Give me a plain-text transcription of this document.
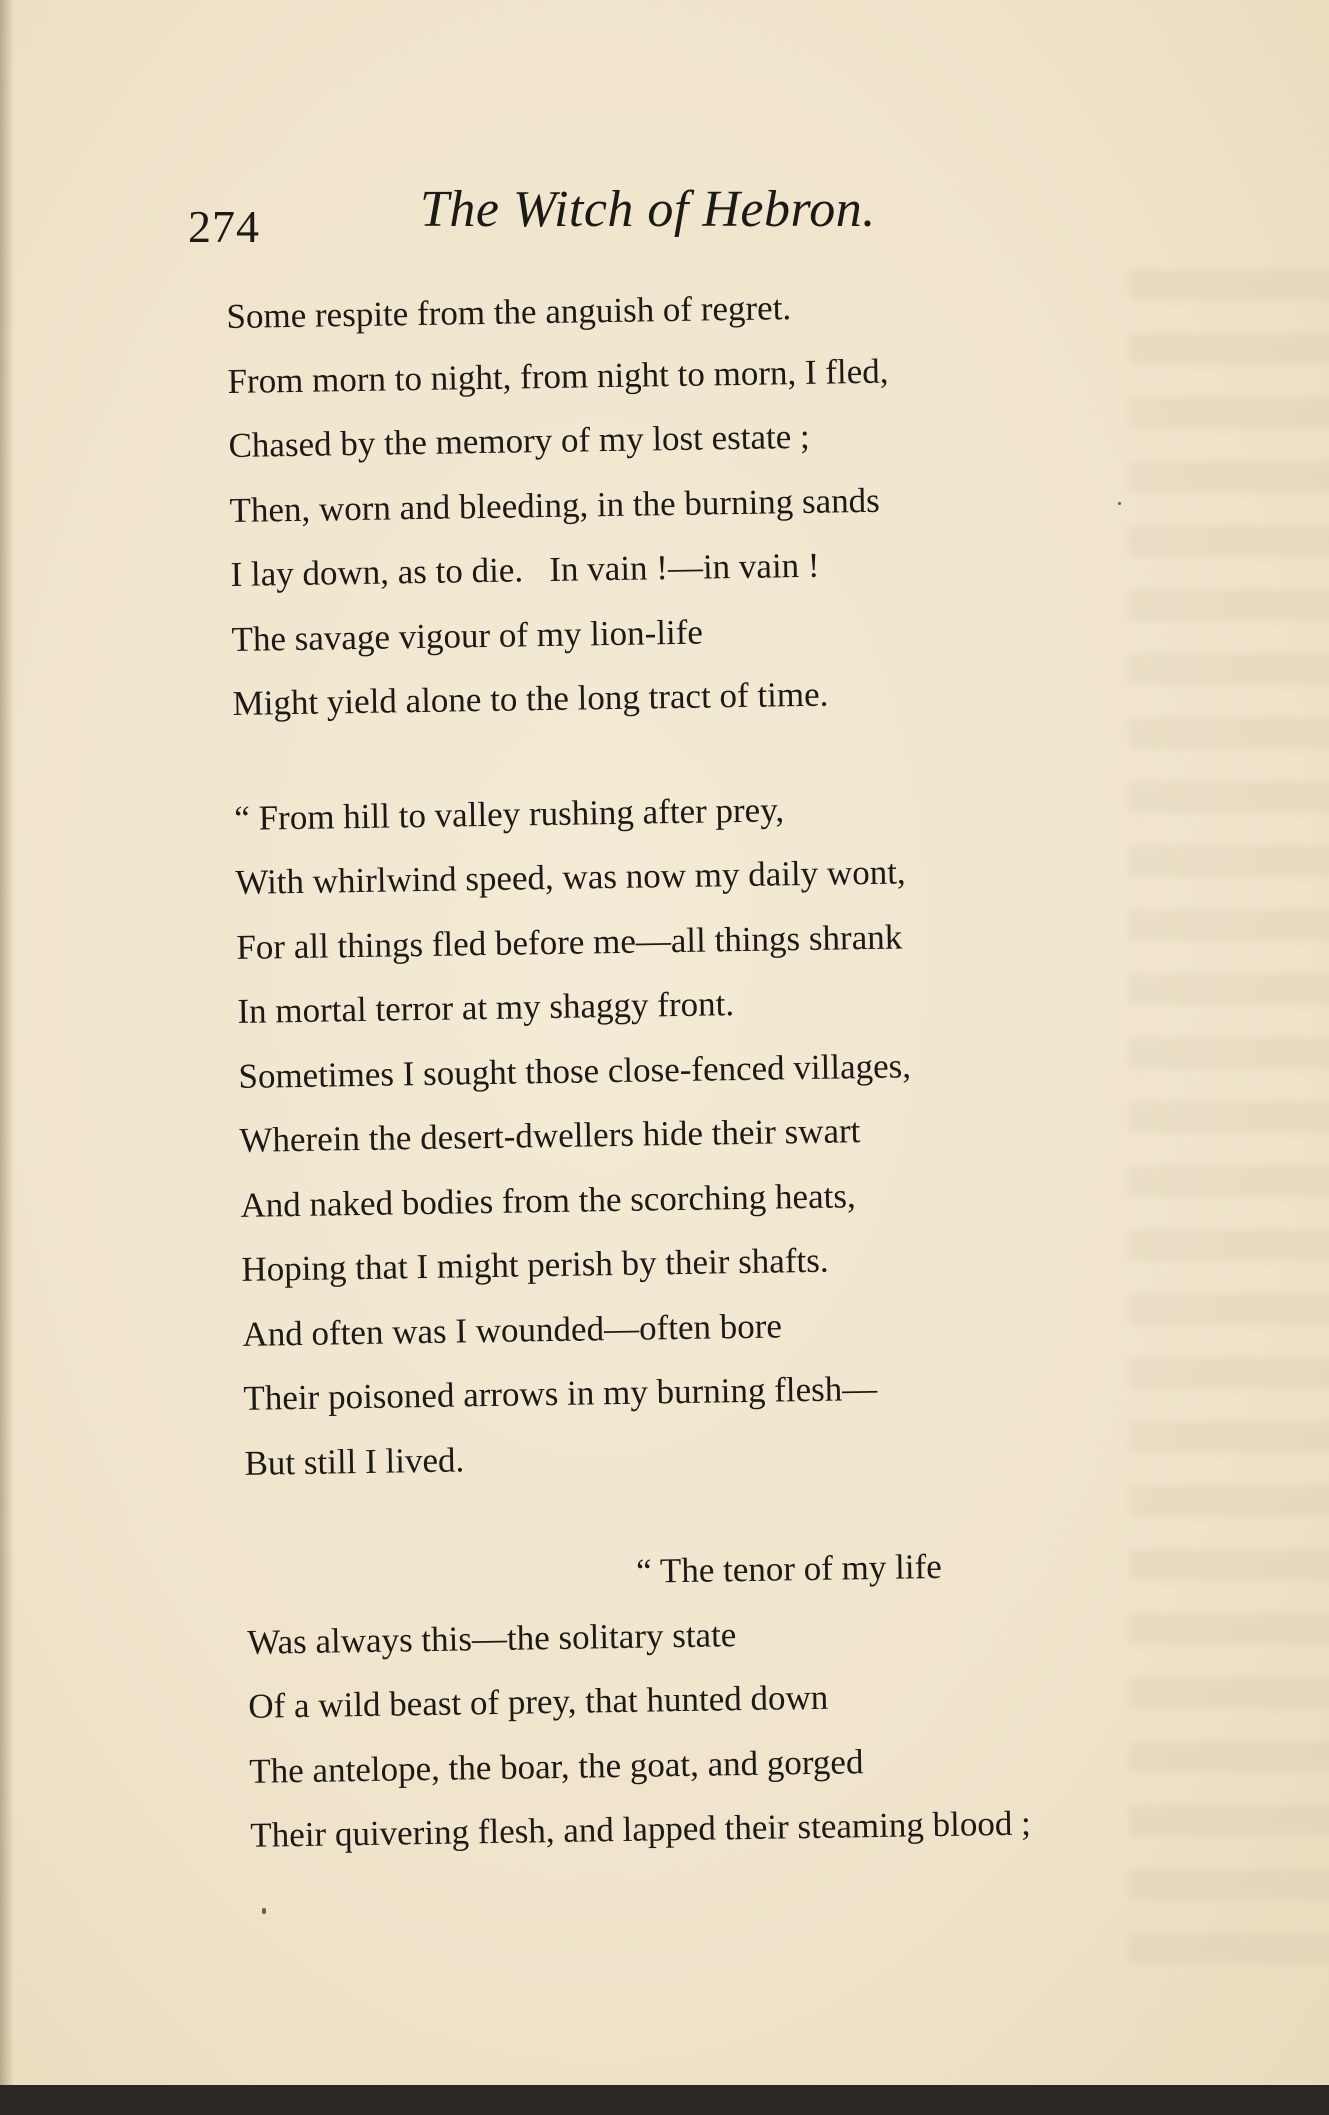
274	The Witch of Hebron.
Some respite from the anguish of regret.
From morn to night, from night to morn, I fled,
Chased by the memory of my lost estate ;
Then, worn and bleeding, in the burning sands
I lay down, as to die.   In vain !—in vain !
The savage vigour of my lion-life
Might yield alone to the long tract of time.
“ From hill to valley rushing after prey,
With whirlwind speed, was now my daily wont,
For all things fled before me—all things shrank
In mortal terror at my shaggy front.
Sometimes I sought those close-fenced villages,
Wherein the desert-dwellers hide their swart
And naked bodies from the scorching heats,
Hoping that I might perish by their shafts.
And often was I wounded—often bore
Their poisoned arrows in my burning flesh—
But still I lived.
“ The tenor of my life
Was always this—the solitary state
Of a wild beast of prey, that hunted down
The antelope, the boar, the goat, and gorged
Their quivering flesh, and lapped their steaming blood ;
